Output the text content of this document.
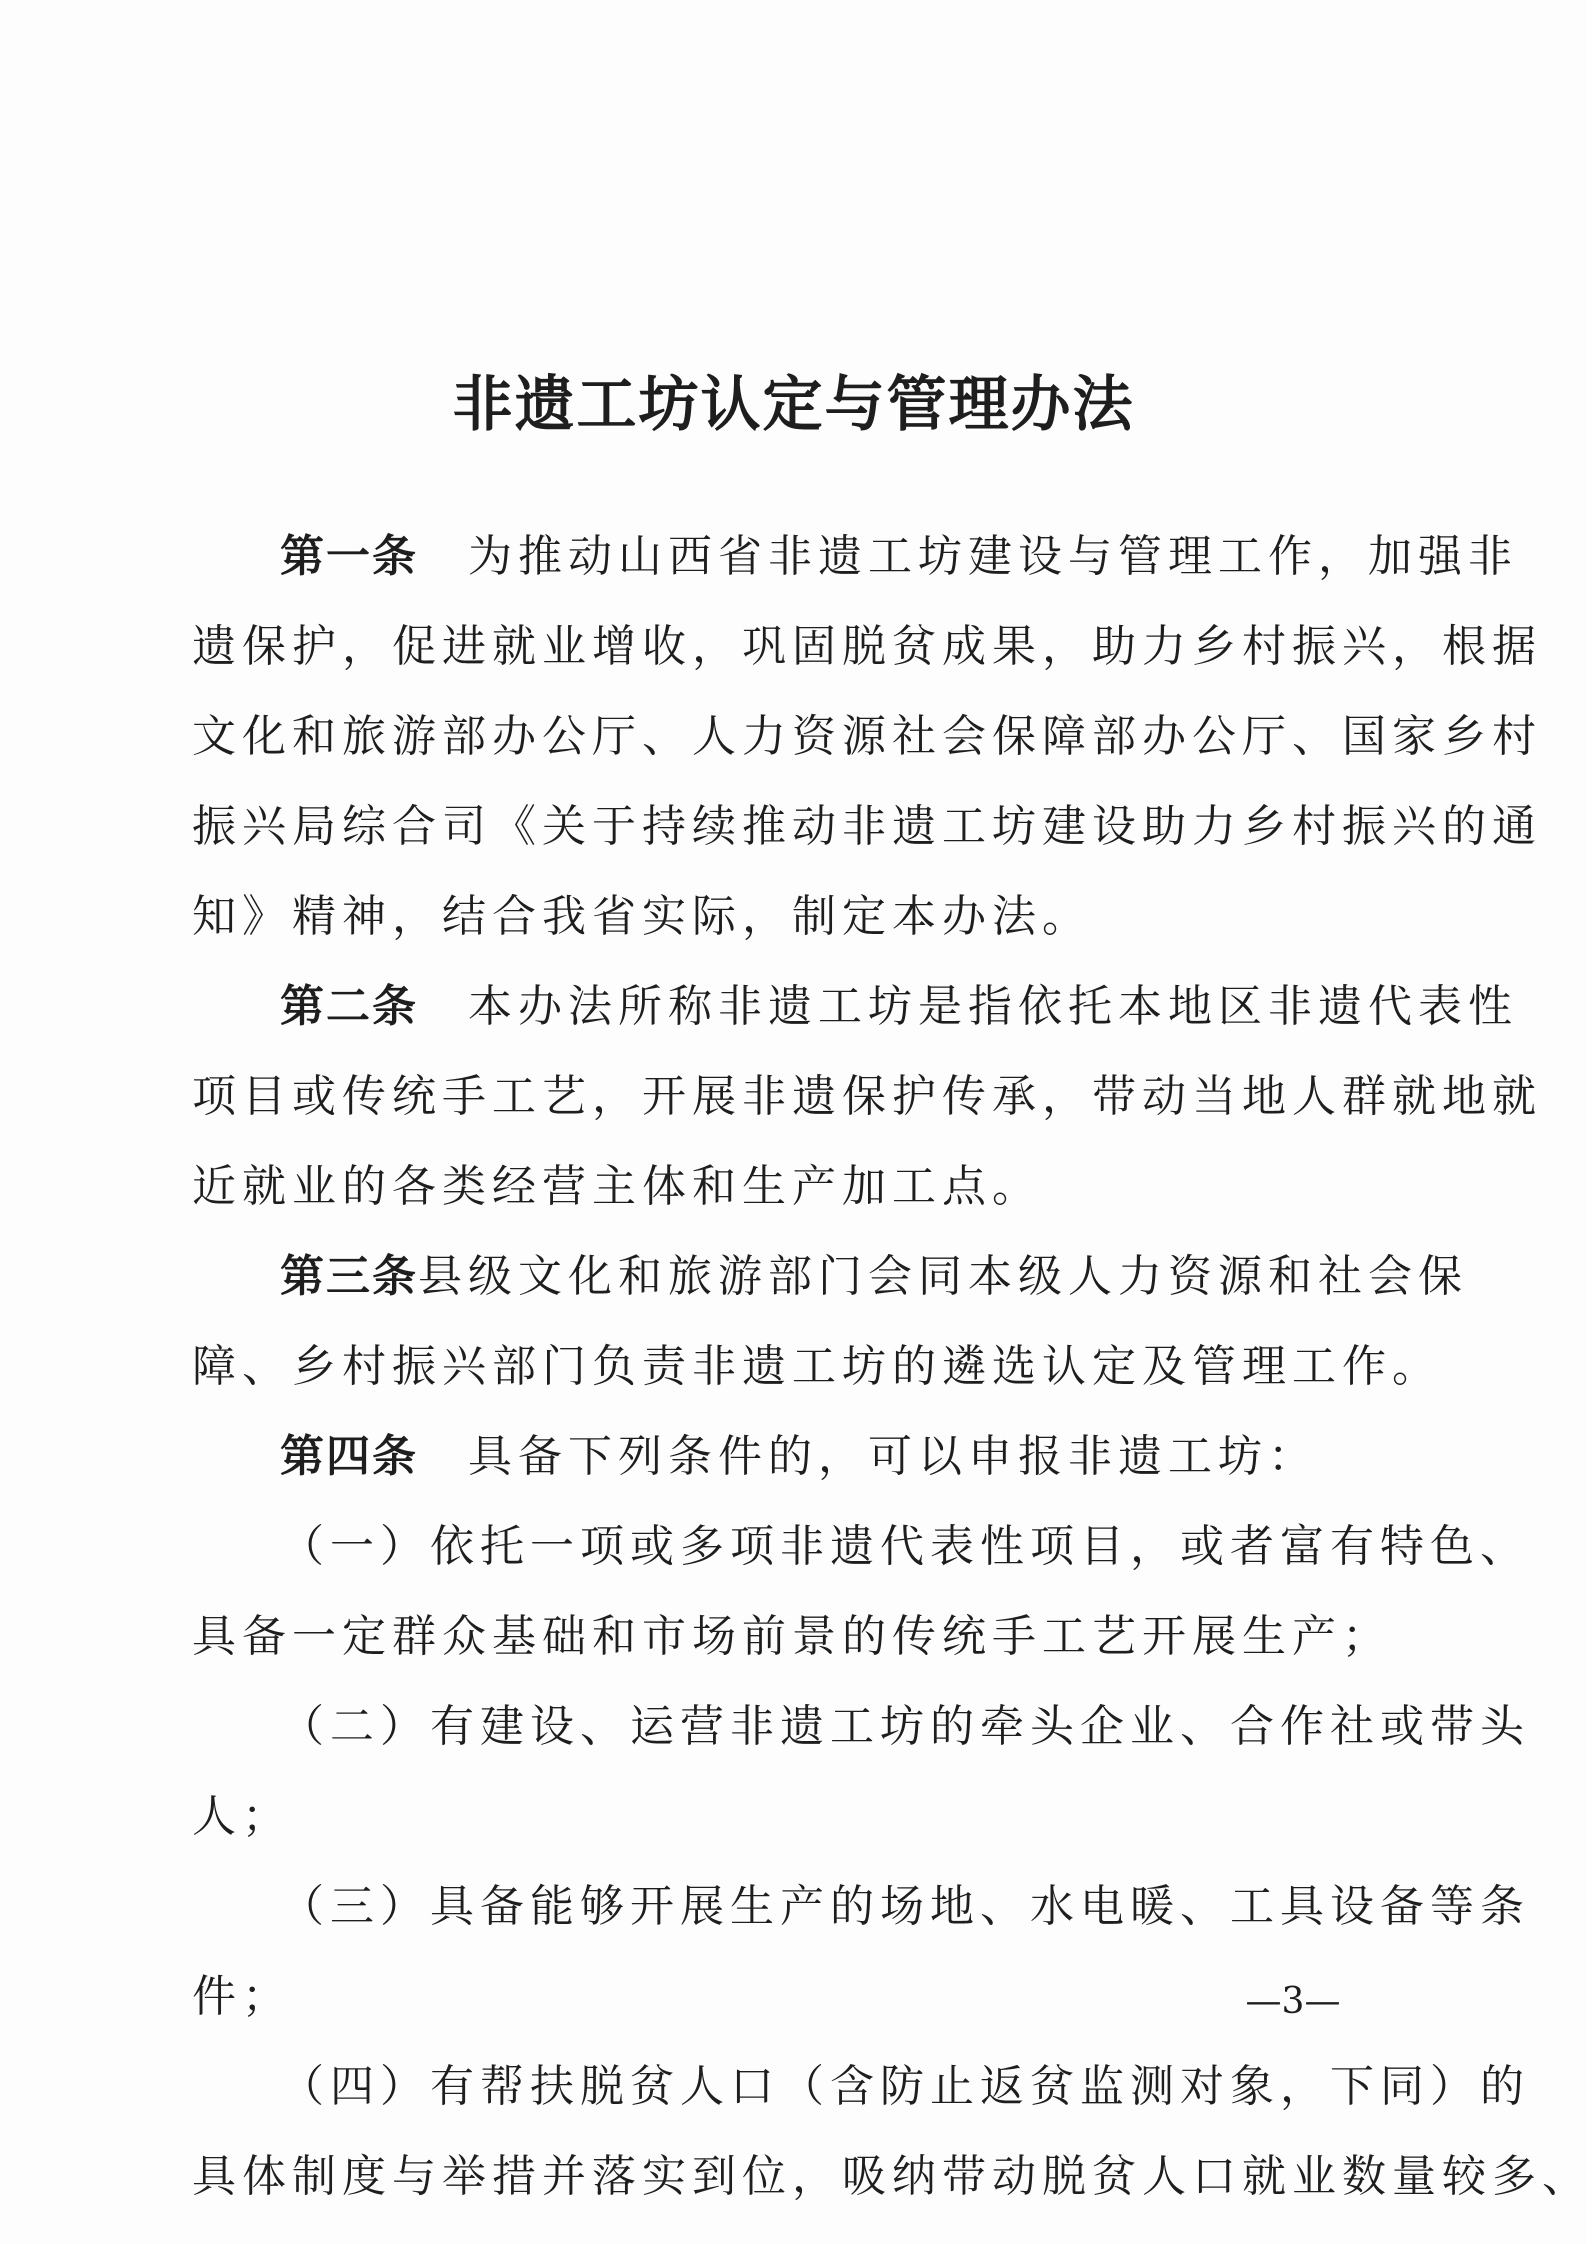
非遗工坊认定与管理办法
第一条　为推动山西省非遗工坊建设与管理工作，加强非
遗保护，促进就业增收，巩固脱贫成果，助力乡村振兴，根据
文化和旅游部办公厅、人力资源社会保障部办公厅、国家乡村
振兴局综合司《关于持续推动非遗工坊建设助力乡村振兴的通
知》精神，结合我省实际，制定本办法。
第二条　本办法所称非遗工坊是指依托本地区非遗代表性
项目或传统手工艺，开展非遗保护传承，带动当地人群就地就
近就业的各类经营主体和生产加工点。
第三条县级文化和旅游部门会同本级人力资源和社会保
障、乡村振兴部门负责非遗工坊的遴选认定及管理工作。
第四条　具备下列条件的，可以申报非遗工坊：
（一）依托一项或多项非遗代表性项目，或者富有特色、
具备一定群众基础和市场前景的传统手工艺开展生产；
（二）有建设、运营非遗工坊的牵头企业、合作社或带头
人；
（三）具备能够开展生产的场地、水电暖、工具设备等条
件；
（四）有帮扶脱贫人口（含防止返贫监测对象，下同）的
具体制度与举措并落实到位，吸纳带动脱贫人口就业数量较多、
—3—
